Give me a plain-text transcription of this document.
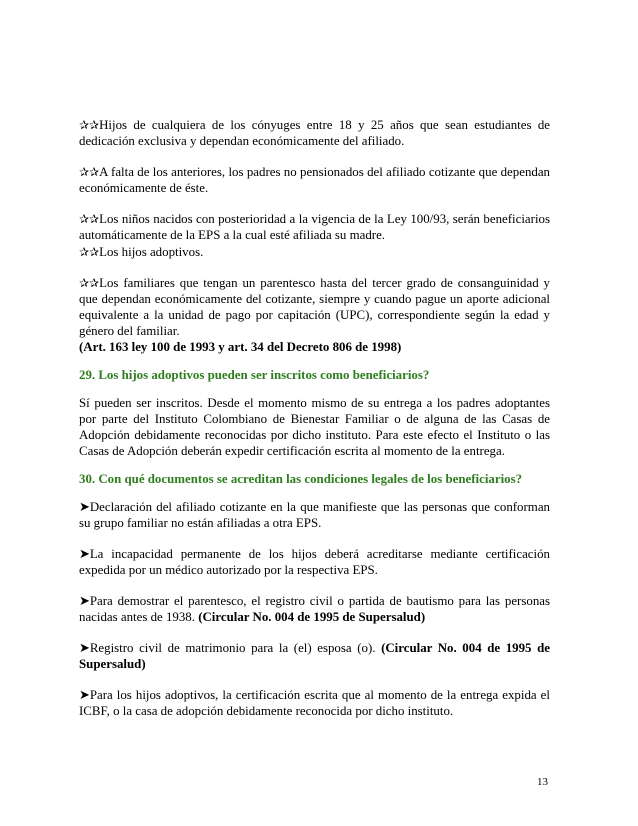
✰✰Hijos de cualquiera de los cónyuges entre 18 y 25 años que sean estudiantes de dedicación exclusiva y dependan económicamente del afiliado.

✰✰A falta de los anteriores, los padres no pensionados del afiliado cotizante que dependan económicamente de éste.

✰✰Los niños nacidos con posterioridad a la vigencia de la Ley 100/93, serán beneficiarios automáticamente de la EPS a la cual esté afiliada su madre.

✰✰Los hijos adoptivos.

✰✰Los familiares que tengan un parentesco hasta del tercer grado de consanguinidad y que dependan económicamente del cotizante, siempre y cuando pague un aporte adicional equivalente a la unidad de pago por capitación (UPC), correspondiente según la edad y género del familiar.

(Art. 163 ley 100 de 1993 y art. 34 del Decreto 806 de 1998)

29. Los hijos adoptivos pueden ser inscritos como beneficiarios?

Sí pueden ser inscritos. Desde el momento mismo de su entrega a los padres adoptantes por parte del Instituto Colombiano de Bienestar Familiar o de alguna de las Casas de Adopción debidamente reconocidas por dicho instituto. Para este efecto el Instituto o las Casas de Adopción deberán expedir certificación escrita al momento de la entrega.

30. Con qué documentos se acreditan las condiciones legales de los beneficiarios?

➤Declaración del afiliado cotizante en la que manifieste que las personas que conforman su grupo familiar no están afiliadas a otra EPS.

➤La incapacidad permanente de los hijos deberá acreditarse mediante certificación expedida por un médico autorizado por la respectiva EPS.

➤Para demostrar el parentesco, el registro civil o partida de bautismo para las personas nacidas antes de 1938. (Circular No. 004 de 1995 de Supersalud)

➤Registro civil de matrimonio para la (el) esposa (o). (Circular No. 004 de 1995 de Supersalud)

➤Para los hijos adoptivos, la certificación escrita que al momento de la entrega expida el ICBF, o la casa de adopción debidamente reconocida por dicho instituto.

13
